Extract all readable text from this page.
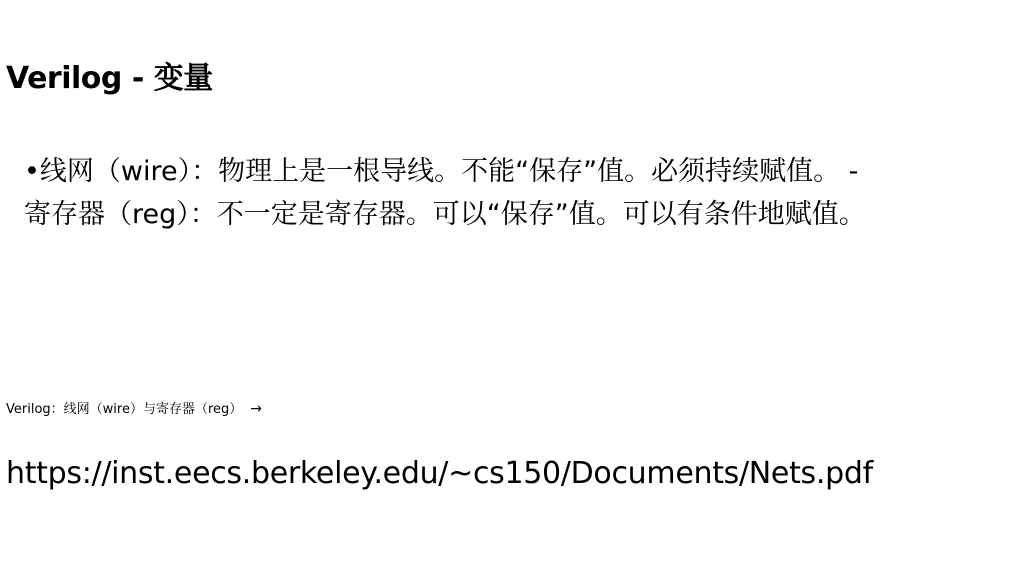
Verilog - 变量
•线网（wire）：物理上是一根导线。不能“保存”值。必须持续赋值。 -
寄存器（reg）：不一定是寄存器。可以“保存”值。可以有条件地赋值。
Verilog：线网（wire）与寄存器（reg） →
https://inst.eecs.berkeley.edu/~cs150/Documents/Nets.pdf
